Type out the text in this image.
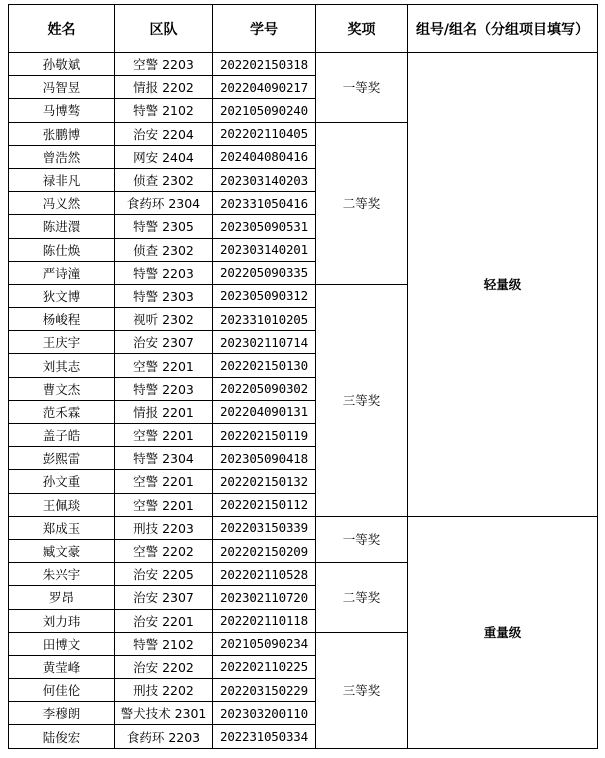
姓名	区队	学号	奖项	组号/组名（分组项目填写）
孙敬斌	空警 2203	202202150318	一等奖	轻量级
冯智昱	情报 2202	202204090217		
马博骜	特警 2102	202105090240		
张鹏博	治安 2204	202202110405	二等奖	
曾浩然	网安 2404	202404080416		
禄非凡	侦查 2302	202303140203		
冯义然	食药环 2304	202331050416		
陈进澴	特警 2305	202305090531		
陈仕焕	侦查 2302	202303140201		
严诗潼	特警 2203	202205090335		
狄文博	特警 2303	202305090312	三等奖	
杨峻程	视听 2302	202331010205		
王庆宇	治安 2307	202302110714		
刘其志	空警 2201	202202150130		
曹文杰	特警 2203	202205090302		
范禾霖	情报 2201	202204090131		
盖子皓	空警 2201	202202150119		
彭熙雷	特警 2304	202305090418		
孙文重	空警 2201	202202150132		
王佩琰	空警 2201	202202150112		
郑成玉	刑技 2203	202203150339	一等奖	重量级
臧文豪	空警 2202	202202150209		
朱兴宇	治安 2205	202202110528	二等奖	
罗昂	治安 2307	202302110720		
刘力玮	治安 2201	202202110118		
田博文	特警 2102	202105090234	三等奖	
黄莹峰	治安 2202	202202110225		
何佳伦	刑技 2202	202203150229		
李穆朗	警犬技术 2301	202303200110		
陆俊宏	食药环 2203	202231050334		
